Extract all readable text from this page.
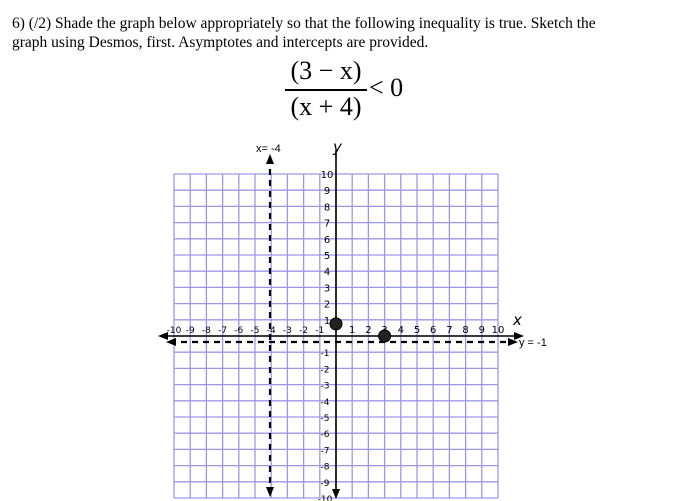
6) (/2) Shade the graph below appropriately so that the following inequality is true. Sketch the
graph using Desmos, first. Asymptotes and intercepts are provided.
(3 − x)
(x + 4)
< 0
x= -4
y = -1
y
x
1 2	4 5 6 7 8 9 10
-10 -9 -8 -7 -6 -5 -4 -3 -2 -1
1
2
3
4
5
6
7
8
9
10
-1
-2
-3
-4
-5
-6
-7
-8
-9
-10
